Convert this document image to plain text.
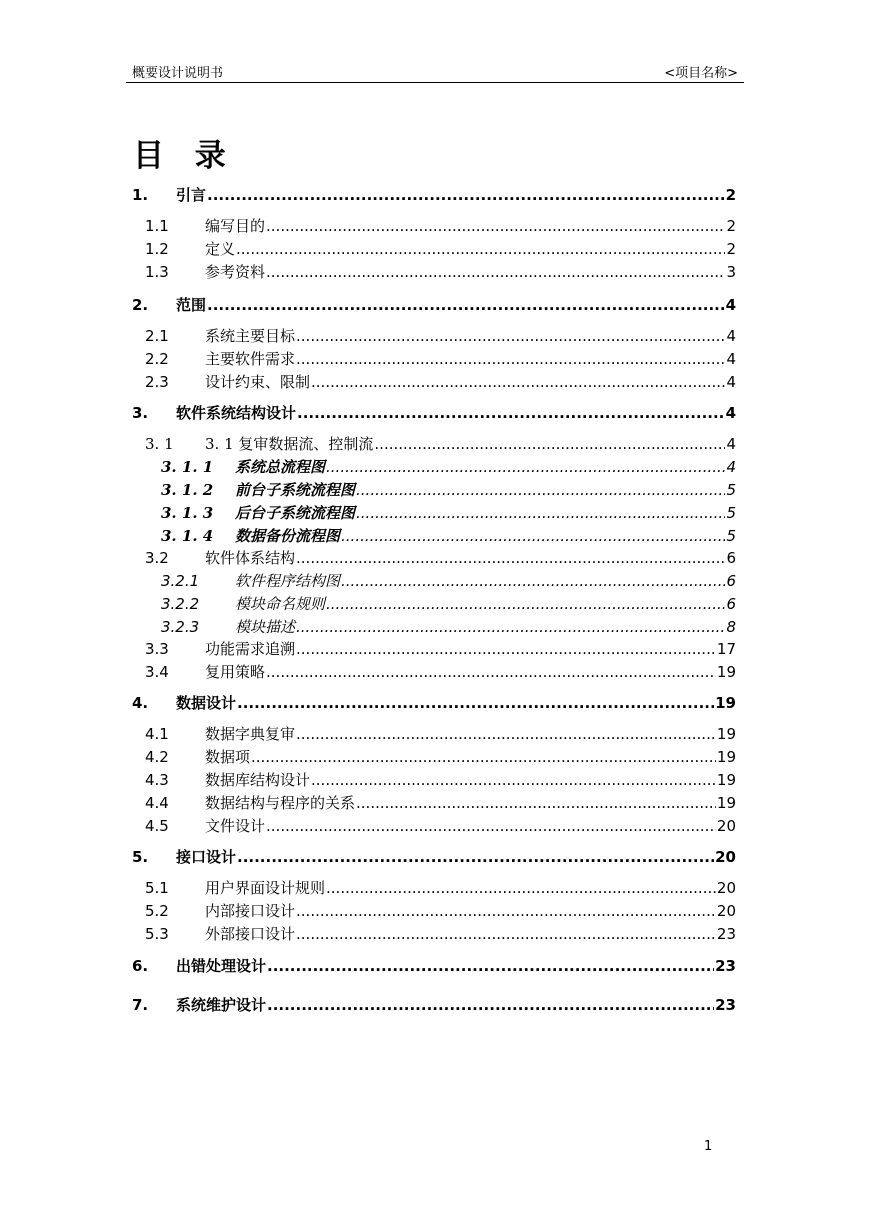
概要设计说明书	<项目名称>
目 录
1.	引言 .....	2
1.1	编写目的 .....	2
1.2	定义 .....	2
1.3	参考资料 .....	3
2.	范围 .....	4
2.1	系统主要目标 .....	4
2.2	主要软件需求 .....	4
2.3	设计约束、限制 .....	4
3.	软件系统结构设计 .....	4
3. 1	3. 1 复审数据流、控制流 .....	4
3. 1. 1	系统总流程图 .....	4
3. 1. 2	前台子系统流程图 .....	5
3. 1. 3	后台子系统流程图 .....	5
3. 1. 4	数据备份流程图 .....	5
3.2	软件体系结构 .....	6
3.2.1	软件程序结构图 .....	6
3.2.2	模块命名规则 .....	6
3.2.3	模块描述 .....	8
3.3	功能需求追溯 .....	17
3.4	复用策略 .....	19
4.	数据设计 .....	19
4.1	数据字典复审 .....	19
4.2	数据项 .....	19
4.3	数据库结构设计 .....	19
4.4	数据结构与程序的关系 .....	19
4.5	文件设计 .....	20
5.	接口设计 .....	20
5.1	用户界面设计规则 .....	20
5.2	内部接口设计 .....	20
5.3	外部接口设计 .....	23
6.	出错处理设计 .....	23
7.	系统维护设计 .....	23
1
